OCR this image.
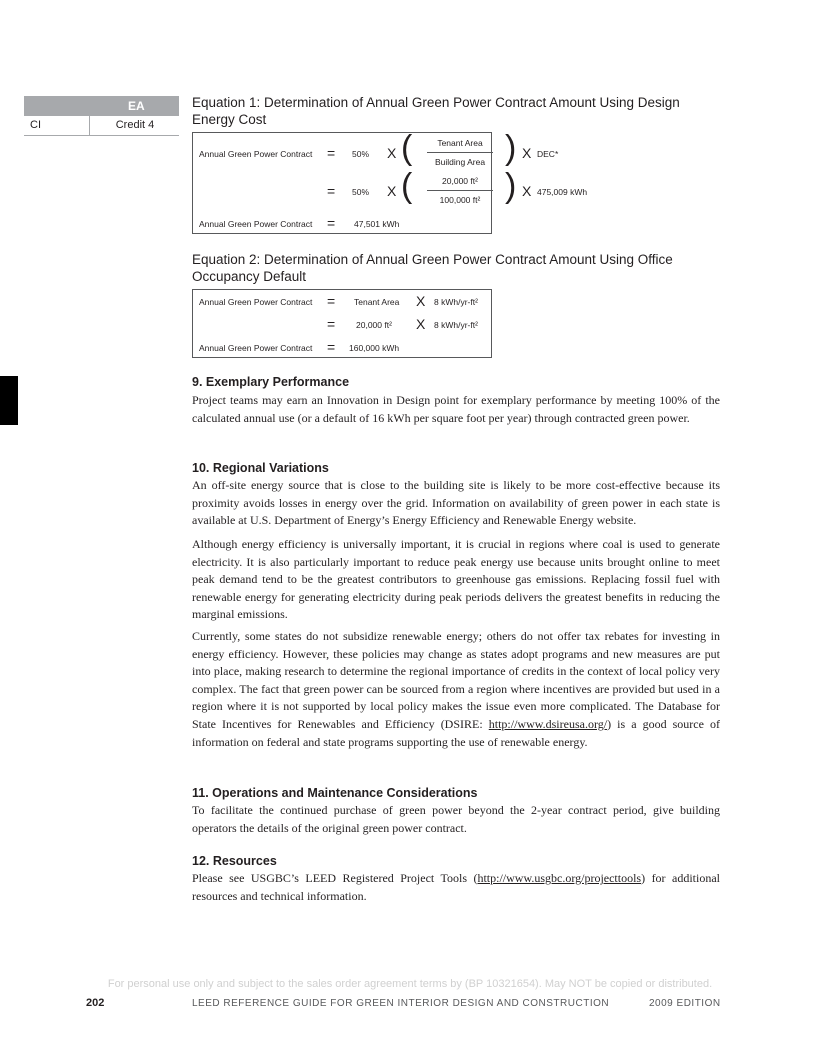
EA
CI	Credit 4
Equation 1: Determination of Annual Green Power Contract Amount Using Design Energy Cost
Annual Green Power Contract = 50% X (	Tenant Area
Building Area ) X DEC*
= 50% X (	20,000 ft²
100,000 ft² ) X 475,009 kWh
Annual Green Power Contract = 47,501 kWh
Equation 2: Determination of Annual Green Power Contract Amount Using Office Occupancy Default
Annual Green Power Contract = Tenant Area X 8 kWh/yr-ft²
= 20,000 ft² X 8 kWh/yr-ft²
Annual Green Power Contract = 160,000 kWh
9. Exemplary Performance
Project teams may earn an Innovation in Design point for exemplary performance by meeting 100% of the calculated annual use (or a default of 16 kWh per square foot per year) through contracted green power.
10. Regional Variations
An off-site energy source that is close to the building site is likely to be more cost-effective because its proximity avoids losses in energy over the grid. Information on availability of green power in each state is available at U.S. Department of Energy’s Energy Efficiency and Renewable Energy website.
Although energy efficiency is universally important, it is crucial in regions where coal is used to generate electricity. It is also particularly important to reduce peak energy use because units brought online to meet peak demand tend to be the greatest contributors to greenhouse gas emissions. Replacing fossil fuel with renewable energy for generating electricity during peak periods delivers the greatest benefits in reducing the marginal emissions.
Currently, some states do not subsidize renewable energy; others do not offer tax rebates for investing in energy efficiency. However, these policies may change as states adopt programs and new measures are put into place, making research to determine the regional importance of credits in the context of local policy very complex. The fact that green power can be sourced from a region where incentives are provided but used in a region where it is not supported by local policy makes the issue even more complicated. The Database for State Incentives for Renewables and Efficiency (DSIRE: http://www.dsireusa.org/) is a good source of information on federal and state programs supporting the use of renewable energy.
11. Operations and Maintenance Considerations
To facilitate the continued purchase of green power beyond the 2-year contract period, give building operators the details of the original green power contract.
12. Resources
Please see USGBC’s LEED Registered Project Tools (http://www.usgbc.org/projecttools) for additional resources and technical information.
For personal use only and subject to the sales order agreement terms by (BP 10321654). May NOT be copied or distributed.
202	LEED REFERENCE GUIDE FOR GREEN INTERIOR DESIGN AND CONSTRUCTION	2009 EDITION
